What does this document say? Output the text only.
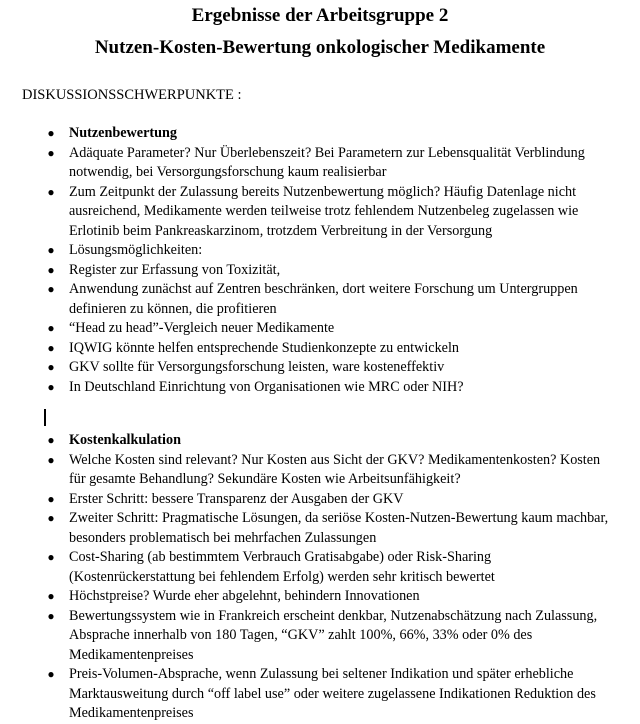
Ergebnisse der Arbeitsgruppe 2
Nutzen-Kosten-Bewertung onkologischer Medikamente
DISKUSSIONSSCHWERPUNKTE :
● Nutzenbewertung
● Adäquate Parameter? Nur Überlebenszeit? Bei Parametern zur Lebensqualität Verblindung notwendig, bei Versorgungsforschung kaum realisierbar
● Zum Zeitpunkt der Zulassung bereits Nutzenbewertung möglich? Häufig Datenlage nicht ausreichend, Medikamente werden teilweise trotz fehlendem Nutzenbeleg zugelassen wie Erlotinib beim Pankreaskarzinom, trotzdem Verbreitung in der Versorgung
● Lösungsmöglichkeiten:
● Register zur Erfassung von Toxizität,
● Anwendung zunächst auf Zentren beschränken, dort weitere Forschung um Untergruppen definieren zu können, die profitieren
● “Head zu head”-Vergleich neuer Medikamente
● IQWIG könnte helfen entsprechende Studienkonzepte zu entwickeln
● GKV sollte für Versorgungsforschung leisten, ware kosteneffektiv
● In Deutschland Einrichtung von Organisationen wie MRC oder NIH?
● Kostenkalkulation
● Welche Kosten sind relevant? Nur Kosten aus Sicht der GKV? Medikamentenkosten? Kosten für gesamte Behandlung? Sekundäre Kosten wie Arbeitsunfähigkeit?
● Erster Schritt: bessere Transparenz der Ausgaben der GKV
● Zweiter Schritt: Pragmatische Lösungen, da seriöse Kosten-Nutzen-Bewertung kaum machbar, besonders problematisch bei mehrfachen Zulassungen
● Cost-Sharing (ab bestimmtem Verbrauch Gratisabgabe) oder Risk-Sharing (Kostenrückerstattung bei fehlendem Erfolg) werden sehr kritisch bewertet
● Höchstpreise? Wurde eher abgelehnt, behindern Innovationen
● Bewertungssystem wie in Frankreich erscheint denkbar, Nutzenabschätzung nach Zulassung, Absprache innerhalb von 180 Tagen, “GKV” zahlt 100%, 66%, 33% oder 0% des Medikamentenpreises
● Preis-Volumen-Absprache, wenn Zulassung bei seltener Indikation und später erhebliche Marktausweitung durch “off label use” oder weitere zugelassene Indikationen Reduktion des Medikamentenpreises
